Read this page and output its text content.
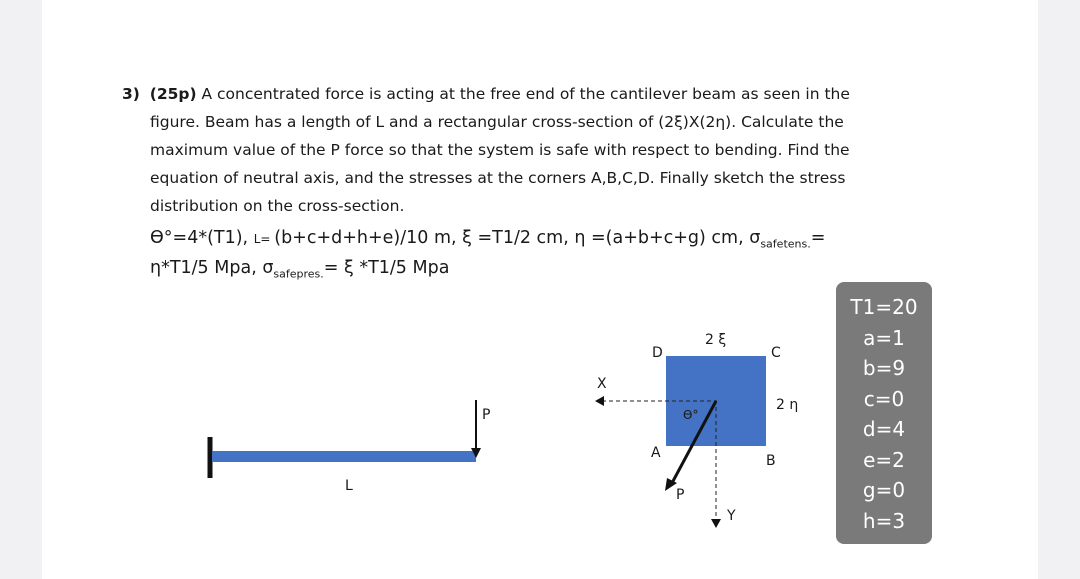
3) (25p) A concentrated force is acting at the free end of the cantilever beam as seen in the
figure. Beam has a length of L and a rectangular cross-section of (2ξ)X(2η). Calculate the
maximum value of the P force so that the system is safe with respect to bending. Find the
equation of neutral axis, and the stresses at the corners A,B,C,D. Finally sketch the stress
distribution on the cross-section.
ϴ°=4*(T1), L= (b+c+d+h+e)/10 m, ξ =T1/2 cm, η =(a+b+c+g) cm, $\sigma_{safetens.}=$
η*T1/5 Mpa, $\sigma_{safepres.}= \xi$ *T1/5 Mpa
P
L
D	C
A	B
2 ξ
2 η
X
Y
ϴ°
P
T1=20
a=1
b=9
c=0
d=4
e=2
g=0
h=3
